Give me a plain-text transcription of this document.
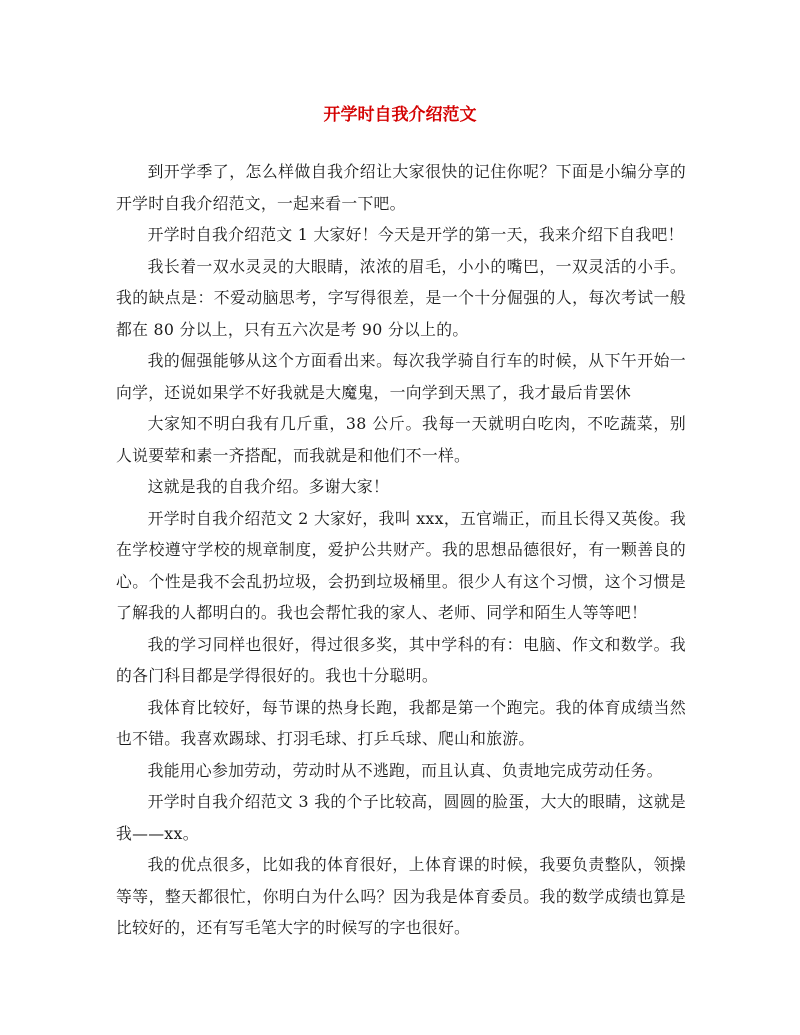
开学时自我介绍范文

到开学季了，怎么样做自我介绍让大家很快的记住你呢？下面是小编分享的开学时自我介绍范文，一起来看一下吧。

开学时自我介绍范文 1 大家好！今天是开学的第一天，我来介绍下自我吧！

我长着一双水灵灵的大眼睛，浓浓的眉毛，小小的嘴巴，一双灵活的小手。我的缺点是：不爱动脑思考，字写得很差，是一个十分倔强的人，每次考试一般都在 80 分以上，只有五六次是考 90 分以上的。

我的倔强能够从这个方面看出来。每次我学骑自行车的时候，从下午开始一向学，还说如果学不好我就是大魔鬼，一向学到天黑了，我才最后肯罢休

大家知不明白我有几斤重，38 公斤。我每一天就明白吃肉，不吃蔬菜，别人说要荤和素一齐搭配，而我就是和他们不一样。

这就是我的自我介绍。多谢大家！

开学时自我介绍范文 2 大家好，我叫 xxx，五官端正，而且长得又英俊。我在学校遵守学校的规章制度，爱护公共财产。我的思想品德很好，有一颗善良的心。个性是我不会乱扔垃圾，会扔到垃圾桶里。很少人有这个习惯，这个习惯是了解我的人都明白的。我也会帮忙我的家人、老师、同学和陌生人等等吧！

我的学习同样也很好，得过很多奖，其中学科的有：电脑、作文和数学。我的各门科目都是学得很好的。我也十分聪明。

我体育比较好，每节课的热身长跑，我都是第一个跑完。我的体育成绩当然也不错。我喜欢踢球、打羽毛球、打乒乓球、爬山和旅游。

我能用心参加劳动，劳动时从不逃跑，而且认真、负责地完成劳动任务。

开学时自我介绍范文 3 我的个子比较高，圆圆的脸蛋，大大的眼睛，这就是我——xx。

我的优点很多，比如我的体育很好，上体育课的时候，我要负责整队，领操等等，整天都很忙，你明白为什么吗？因为我是体育委员。我的数学成绩也算是比较好的，还有写毛笔大字的时候写的字也很好。
